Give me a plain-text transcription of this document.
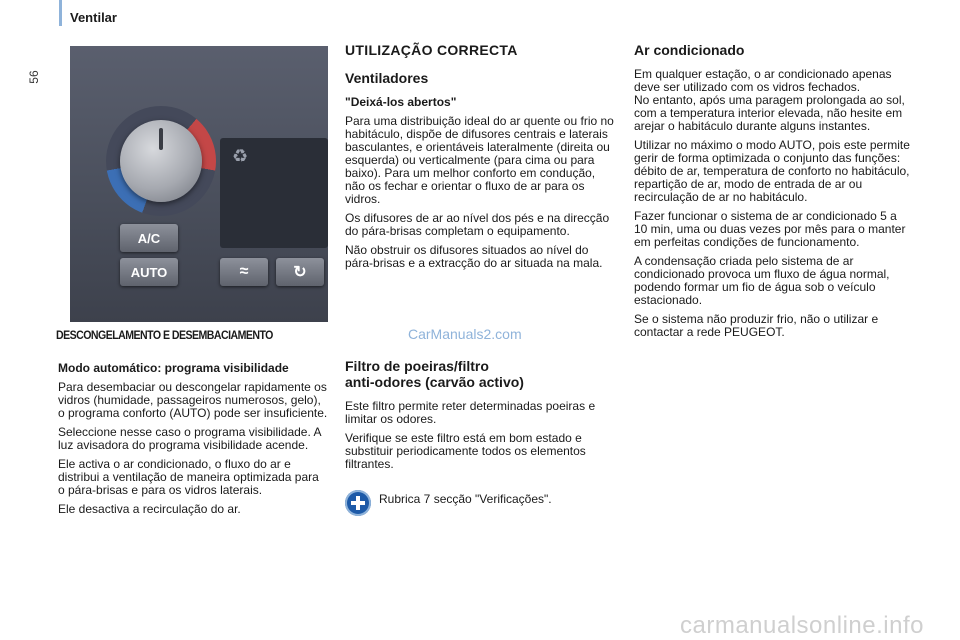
56
Ventilar
♻
A/C
AUTO	≈	↻
DESCONGELAMENTO E DESEMBACIAMENTO
Modo automático: programa visibilidade

Para desembaciar ou descongelar rapidamente os vidros (humidade, passageiros numerosos, gelo), o programa conforto (AUTO) pode ser insuficiente.

Seleccione nesse caso o programa visibilidade. A luz avisadora do programa visibilidade acende.

Ele activa o ar condicionado, o fluxo do ar e distribui a ventilação de maneira optimizada para o pára-brisas e para os vidros laterais.

Ele desactiva a recirculação do ar.

UTILIZAÇÃO CORRECTA
Ventiladores
"Deixá-los abertos"

Para uma distribuição ideal do ar quente ou frio no habitáculo, dispõe de difusores centrais e laterais basculantes, e orientáveis lateralmente (direita ou esquerda) ou verticalmente (para cima ou para baixo). Para um melhor conforto em condução, não os fechar e orientar o fluxo de ar para os vidros.

Os difusores de ar ao nível dos pés e na direcção do pára-brisas completam o equipamento.

Não obstruir os difusores situados ao nível do pára-brisas e a extracção do ar situada na mala.

CarManuals2.com
Filtro de poeiras/filtro
anti-odores (carvão activo)

Este filtro permite reter determinadas poeiras e limitar os odores.

Verifique se este filtro está em bom estado e substituir periodicamente todos os elementos filtrantes.

Rubrica 7 secção "Verificações".
Ar condicionado

Em qualquer estação, o ar condicionado apenas deve ser utilizado com os vidros fechados.
No entanto, após uma paragem prolongada ao sol, com a temperatura interior elevada, não hesite em arejar o habitáculo durante alguns instantes.

Utilizar no máximo o modo AUTO, pois este permite gerir de forma optimizada o conjunto das funções: débito de ar, temperatura de conforto no habitáculo, repartição de ar, modo de entrada de ar ou recirculação de ar no habitáculo.

Fazer funcionar o sistema de ar condicionado 5 a 10 min, uma ou duas vezes por mês para o manter em perfeitas condições de funcionamento.

A condensação criada pelo sistema de ar condicionado provoca um fluxo de água normal, podendo formar um fio de água sob o veículo estacionado.

Se o sistema não produzir frio, não o utilizar e contactar a rede PEUGEOT.

carmanualsonline.info
